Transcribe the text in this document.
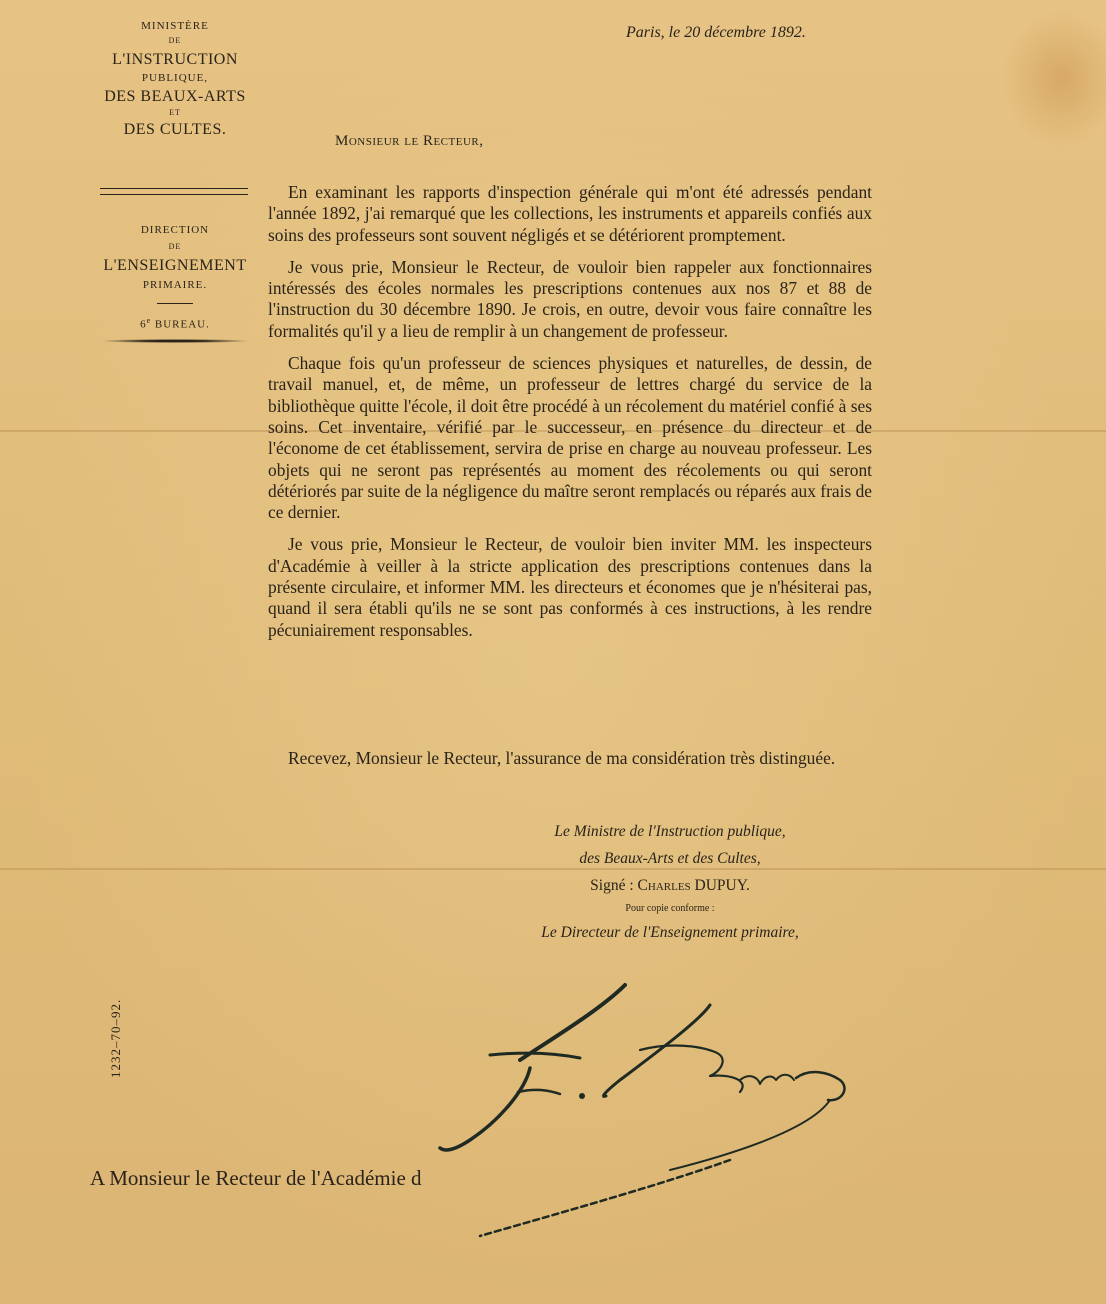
MINISTÈRE
DE
L'INSTRUCTION
PUBLIQUE,
DES BEAUX-ARTS
ET
DES CULTES.
DIRECTION
DE
L'ENSEIGNEMENT
PRIMAIRE.
6e BUREAU.
Paris, le 20 décembre 1892.
Monsieur le Recteur,

En examinant les rapports d'inspection générale qui m'ont été adressés pendant l'année 1892, j'ai remarqué que les collections, les instruments et appareils confiés aux soins des professeurs sont souvent négligés et se détériorent promptement.

Je vous prie, Monsieur le Recteur, de vouloir bien rappeler aux fonctionnaires intéressés des écoles normales les prescriptions contenues aux nos 87 et 88 de l'instruction du 30 décembre 1890. Je crois, en outre, devoir vous faire connaître les formalités qu'il y a lieu de remplir à un changement de professeur.

Chaque fois qu'un professeur de sciences physiques et naturelles, de dessin, de travail manuel, et, de même, un professeur de lettres chargé du service de la bibliothèque quitte l'école, il doit être procédé à un récolement du matériel confié à ses soins. Cet inventaire, vérifié par le successeur, en présence du directeur et de l'économe de cet établissement, servira de prise en charge au nouveau professeur. Les objets qui ne seront pas représentés au moment des récolements ou qui seront détériorés par suite de la négligence du maître seront remplacés ou réparés aux frais de ce dernier.

Je vous prie, Monsieur le Recteur, de vouloir bien inviter MM. les inspecteurs d'Académie à veiller à la stricte application des prescriptions contenues dans la présente circulaire, et informer MM. les directeurs et économes que je n'hésiterai pas, quand il sera établi qu'ils ne se sont pas conformés à ces instructions, à les rendre pécuniairement responsables.

Recevez, Monsieur le Recteur, l'assurance de ma considération très distinguée.

Le Ministre de l'Instruction publique,
des Beaux-Arts et des Cultes,
Signé : Charles DUPUY.
Pour copie conforme :
Le Directeur de l'Enseignement primaire,
1232–70–92.
A Monsieur le Recteur de l'Académie d
